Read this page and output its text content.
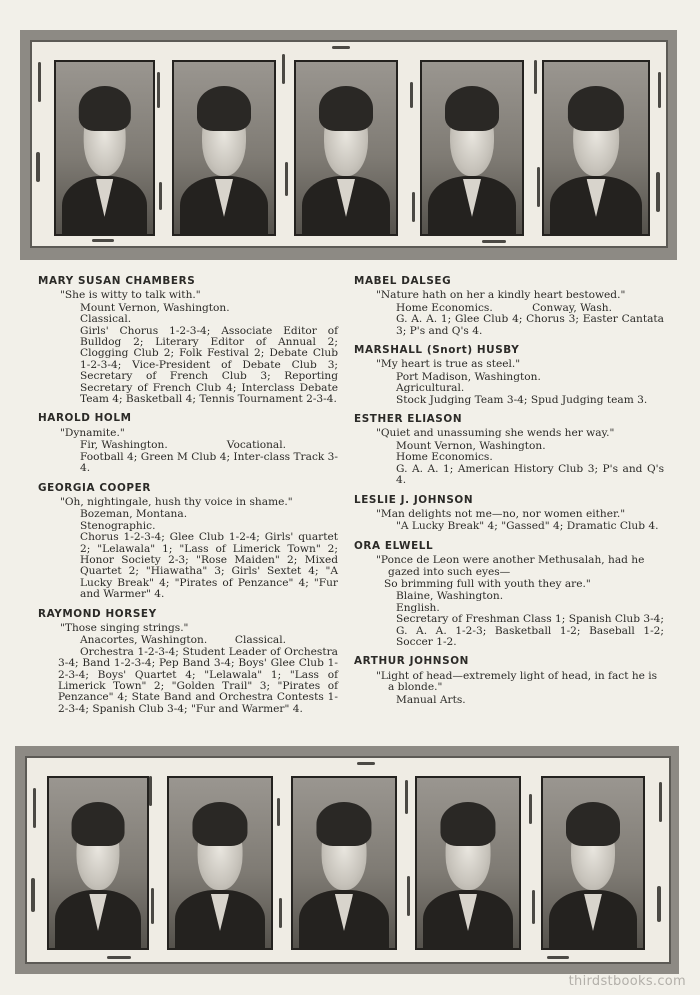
MARY SUSAN CHAMBERS
"She is witty to talk with."
Mount Vernon, Washington.
Classical.
Girls' Chorus 1-2-3-4; Associate Editor of Bulldog 2; Literary Editor of Annual 2; Clogging Club 2; Folk Festival 2; Debate Club 1-2-3-4; Vice-President of Debate Club 3; Secretary of French Club 3; Reporting Secretary of French Club 4; Interclass Debate Team 4; Basketball 4; Tennis Tournament 2-3-4.
HAROLD HOLM
"Dynamite."
Fir, Washington.	Vocational.
Football 4; Green M Club 4; Inter-class Track 3-4.
GEORGIA COOPER
"Oh, nightingale, hush thy voice in shame."
Bozeman, Montana.
Stenographic.
Chorus 1-2-3-4; Glee Club 1-2-4; Girls' quartet 2; "Lelawala" 1; "Lass of Limerick Town" 2; Honor Society 2-3; "Rose Maiden" 2; Mixed Quartet 2; "Hiawatha" 3; Girls' Sextet 4; "A Lucky Break" 4; "Pirates of Penzance" 4; "Fur and Warmer" 4.
RAYMOND HORSEY
"Those singing strings."
Anacortes, Washington.	Classical.
Orchestra 1-2-3-4; Student Leader of Orchestra 3-4; Band 1-2-3-4; Pep Band 3-4; Boys' Glee Club 1-2-3-4; Boys' Quartet 4; "Lelawala" 1; "Lass of Limerick Town" 2; "Golden Trail" 3; "Pirates of Penzance" 4; State Band and Orchestra Contests 1-2-3-4; Spanish Club 3-4; "Fur and Warmer" 4.
MABEL DALSEG
"Nature hath on her a kindly heart bestowed."
Home Economics.	Conway, Wash.
G. A. A. 1; Glee Club 4; Chorus 3; Easter Cantata 3; P's and Q's 4.
MARSHALL (Snort) HUSBY
"My heart is true as steel."
Port Madison, Washington.
Agricultural.
Stock Judging Team 3-4; Spud Judging team 3.
ESTHER ELIASON
"Quiet and unassuming she wends her way."
Mount Vernon, Washington.
Home Economics.
G. A. A. 1; American History Club 3; P's and Q's 4.
LESLIE J. JOHNSON
"Man delights not me—no, nor women either."
"A Lucky Break" 4; "Gassed" 4; Dramatic Club 4.
ORA ELWELL
"Ponce de Leon were another Methusalah, had he gazed into such eyes—
So brimming full with youth they are."
Blaine, Washington.
English.
Secretary of Freshman Class 1; Spanish Club 3-4; G. A. A. 1-2-3; Basketball 1-2; Baseball 1-2; Soccer 1-2.
ARTHUR JOHNSON
"Light of head—extremely light of head, in fact he is a blonde."
Manual Arts.
thirdstbooks.com
